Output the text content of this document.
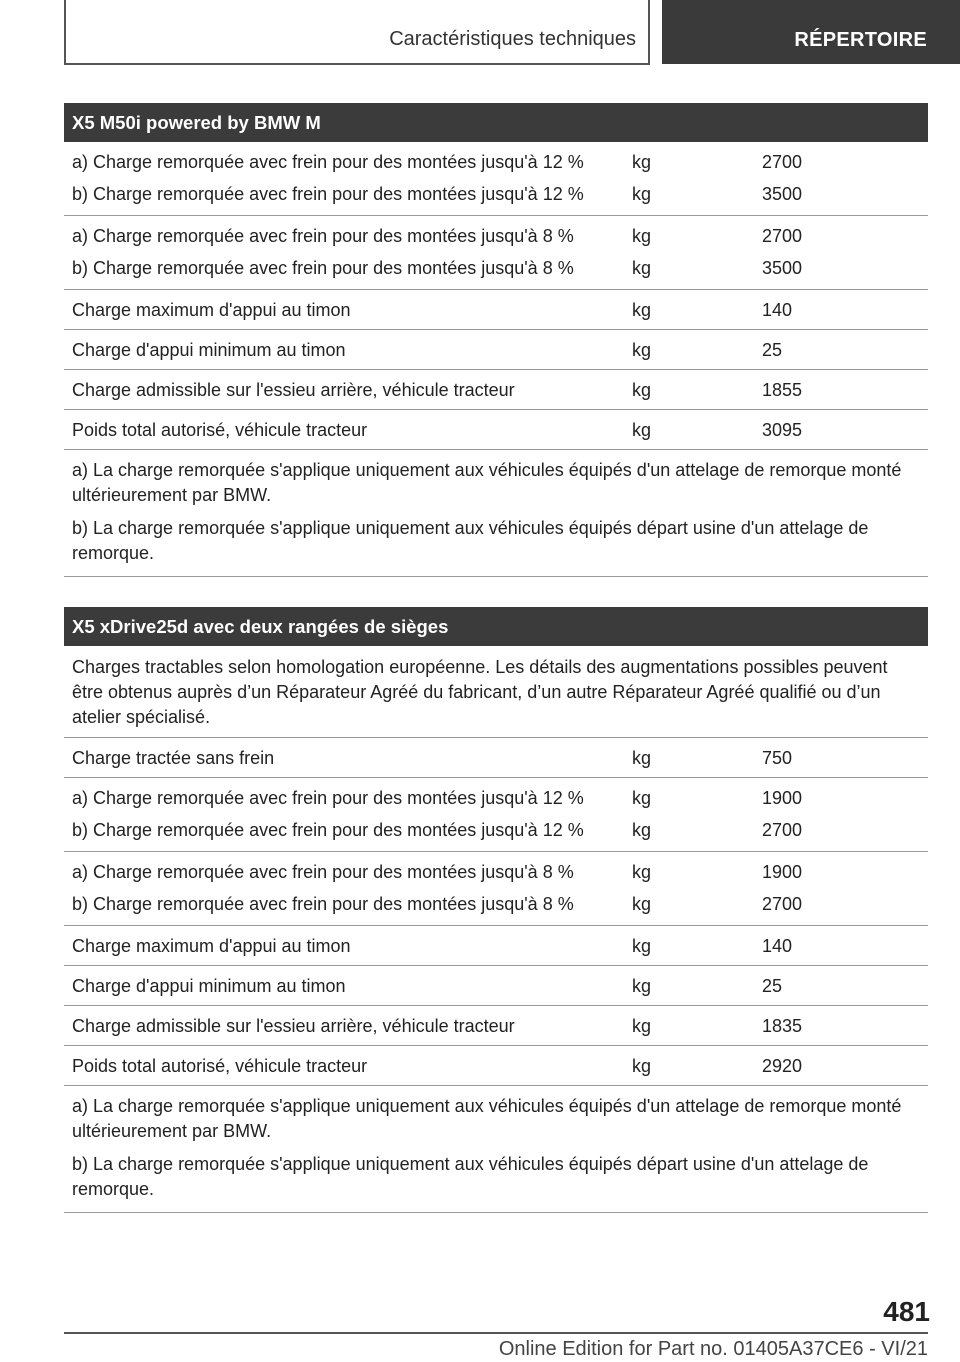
Caractéristiques techniques	RÉPERTOIRE
X5 M50i powered by BMW M
a) Charge remorquée avec frein pour des montées jusqu'à 12 %	kg	2700
b) Charge remorquée avec frein pour des montées jusqu'à 12 %	kg	3500
a) Charge remorquée avec frein pour des montées jusqu'à 8 %	kg	2700
b) Charge remorquée avec frein pour des montées jusqu'à 8 %	kg	3500
Charge maximum d'appui au timon	kg	140
Charge d'appui minimum au timon	kg	25
Charge admissible sur l'essieu arrière, véhicule tracteur	kg	1855
Poids total autorisé, véhicule tracteur	kg	3095

a) La charge remorquée s'applique uniquement aux véhicules équipés d'un attelage de remorque monté ultérieurement par BMW.

b) La charge remorquée s'applique uniquement aux véhicules équipés départ usine d'un attelage de remorque.

X5 xDrive25d avec deux rangées de sièges
Charges tractables selon homologation européenne. Les détails des augmentations possibles peuvent être obtenus auprès d’un Réparateur Agréé du fabricant, d’un autre Réparateur Agréé qualifié ou d’un atelier spécialisé.
Charge tractée sans frein	kg	750
a) Charge remorquée avec frein pour des montées jusqu'à 12 %	kg	1900
b) Charge remorquée avec frein pour des montées jusqu'à 12 %	kg	2700
a) Charge remorquée avec frein pour des montées jusqu'à 8 %	kg	1900
b) Charge remorquée avec frein pour des montées jusqu'à 8 %	kg	2700
Charge maximum d'appui au timon	kg	140
Charge d'appui minimum au timon	kg	25
Charge admissible sur l'essieu arrière, véhicule tracteur	kg	1835
Poids total autorisé, véhicule tracteur	kg	2920

a) La charge remorquée s'applique uniquement aux véhicules équipés d'un attelage de remorque monté ultérieurement par BMW.

b) La charge remorquée s'applique uniquement aux véhicules équipés départ usine d'un attelage de remorque.

481
Online Edition for Part no. 01405A37CE6 - VI/21
